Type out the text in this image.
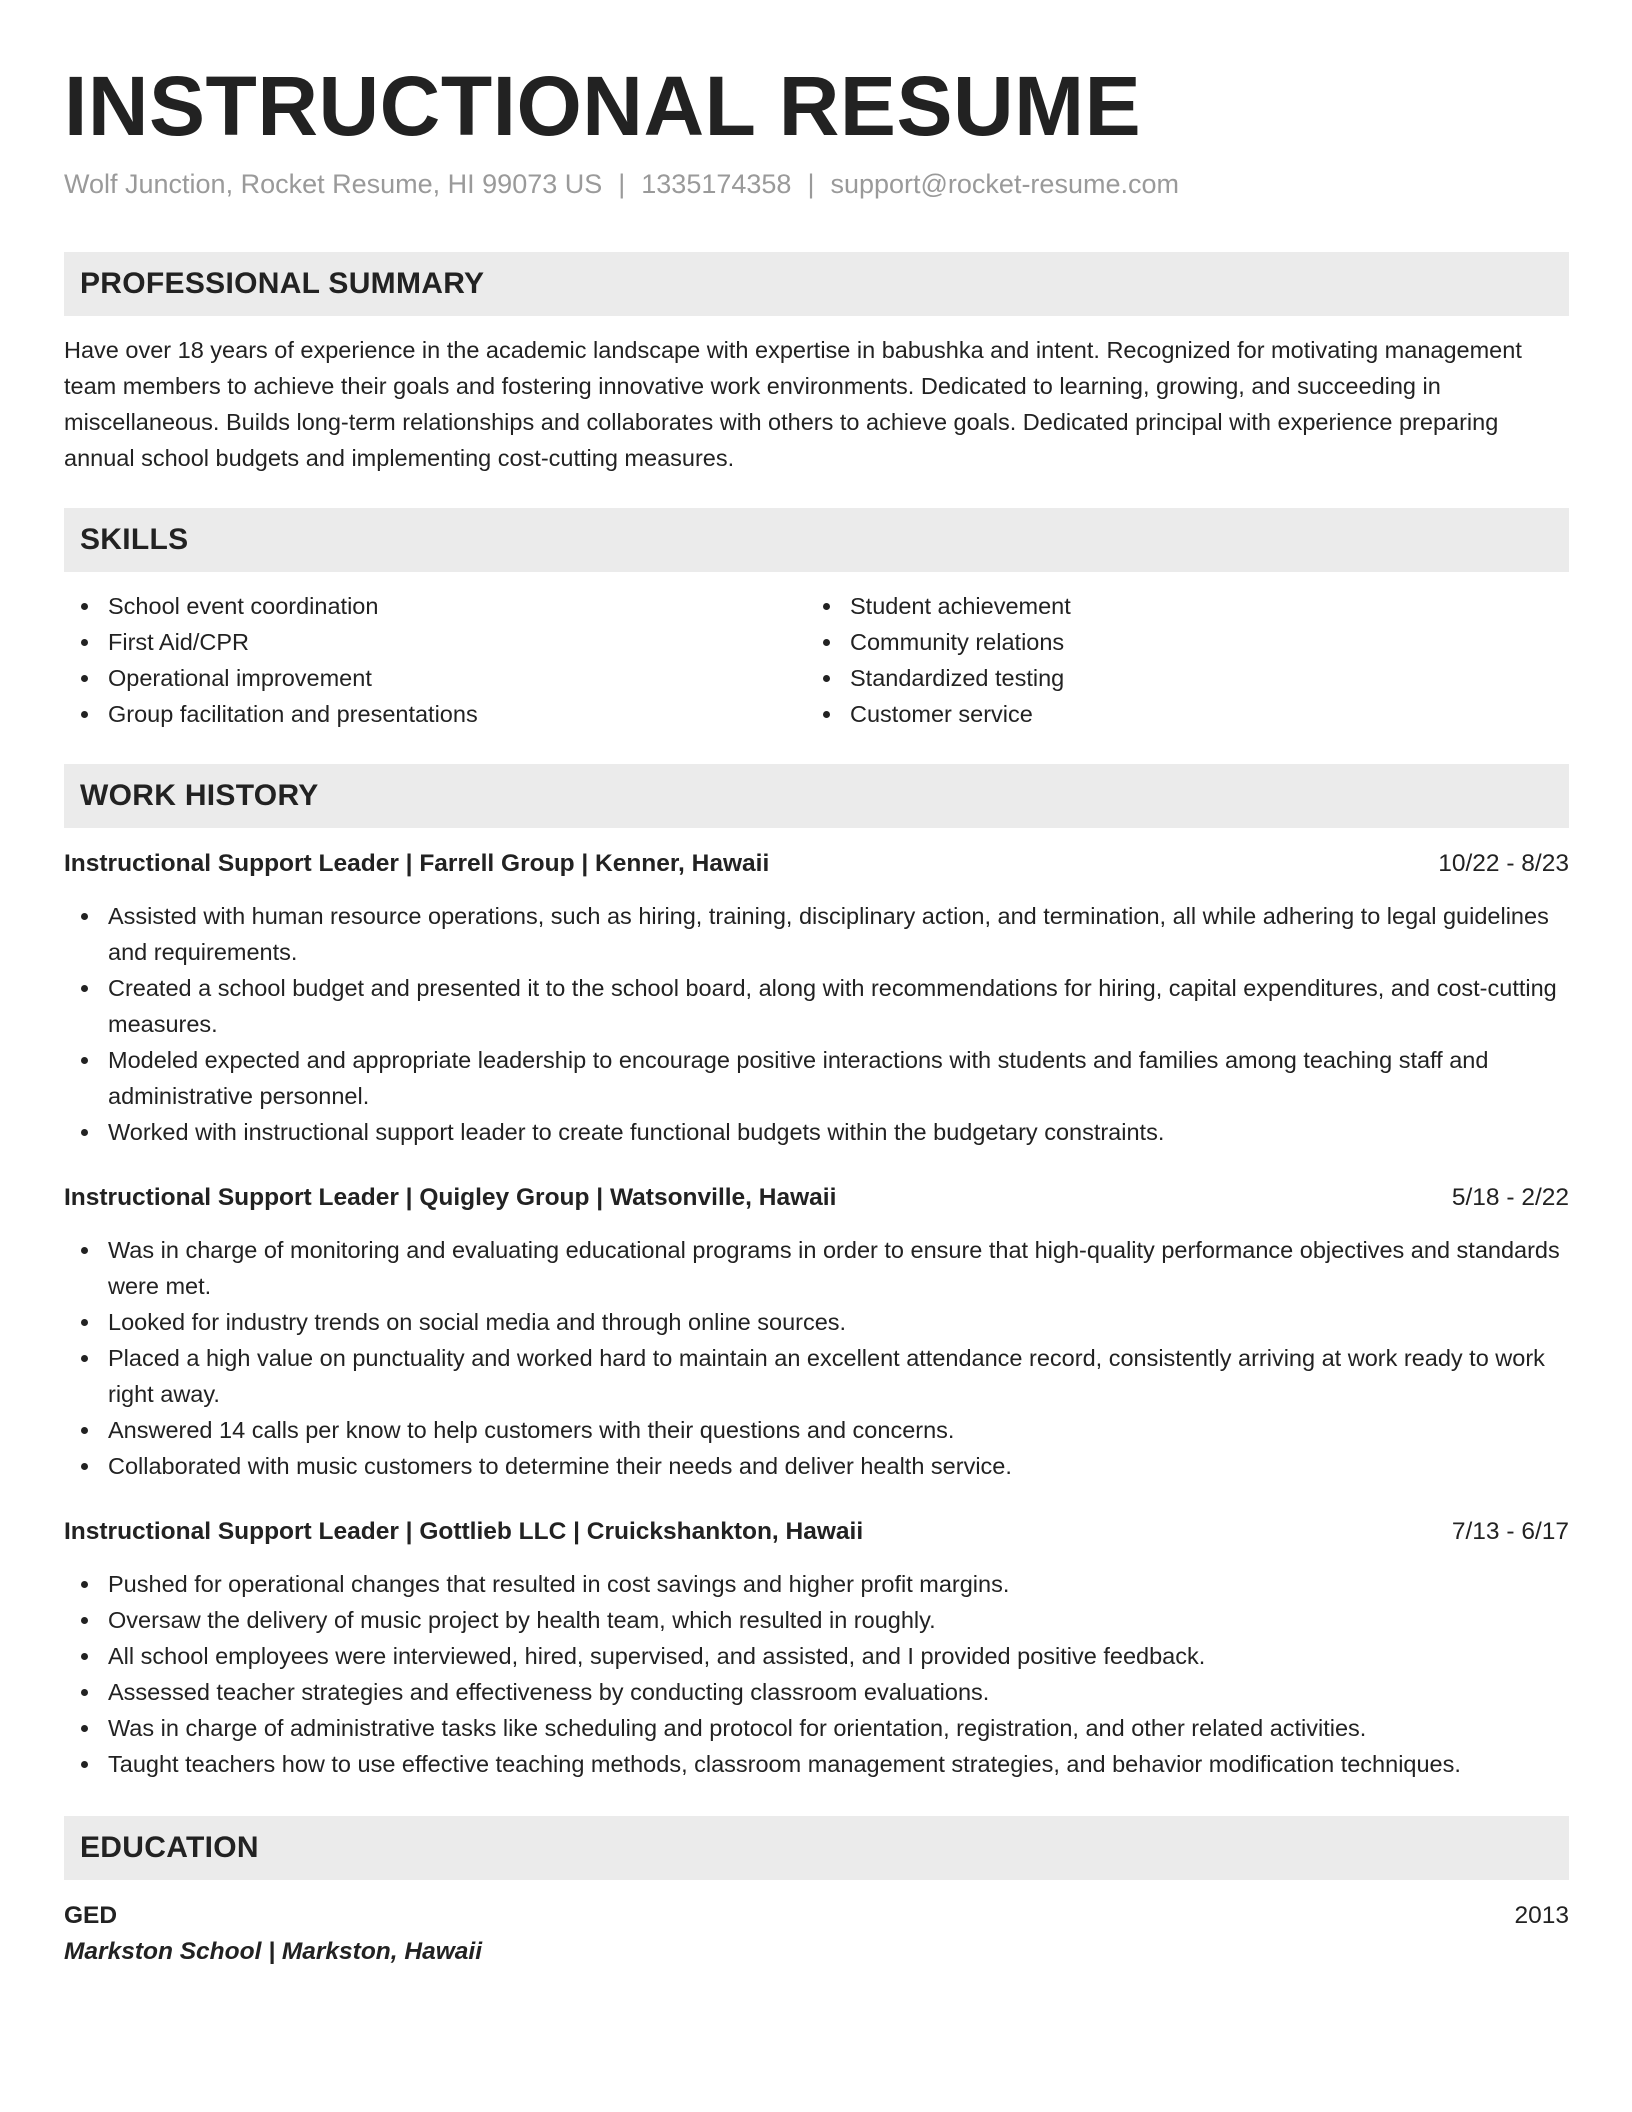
INSTRUCTIONAL RESUME
Wolf Junction, Rocket Resume, HI 99073 US | 1335174358 | support@rocket-resume.com
PROFESSIONAL SUMMARY
Have over 18 years of experience in the academic landscape with expertise in babushka and intent. Recognized for motivating management team members to achieve their goals and fostering innovative work environments. Dedicated to learning, growing, and succeeding in miscellaneous. Builds long-term relationships and collaborates with others to achieve goals. Dedicated principal with experience preparing annual school budgets and implementing cost-cutting measures.
SKILLS
School event coordination
First Aid/CPR
Operational improvement
Group facilitation and presentations
Student achievement
Community relations
Standardized testing
Customer service
WORK HISTORY
Instructional Support Leader | Farrell Group | Kenner, Hawaii	10/22 - 8/23
Assisted with human resource operations, such as hiring, training, disciplinary action, and termination, all while adhering to legal guidelines and requirements.
Created a school budget and presented it to the school board, along with recommendations for hiring, capital expenditures, and cost-cutting measures.
Modeled expected and appropriate leadership to encourage positive interactions with students and families among teaching staff and administrative personnel.
Worked with instructional support leader to create functional budgets within the budgetary constraints.
Instructional Support Leader | Quigley Group | Watsonville, Hawaii	5/18 - 2/22
Was in charge of monitoring and evaluating educational programs in order to ensure that high-quality performance objectives and standards were met.
Looked for industry trends on social media and through online sources.
Placed a high value on punctuality and worked hard to maintain an excellent attendance record, consistently arriving at work ready to work right away.
Answered 14 calls per know to help customers with their questions and concerns.
Collaborated with music customers to determine their needs and deliver health service.
Instructional Support Leader | Gottlieb LLC | Cruickshankton, Hawaii	7/13 - 6/17
Pushed for operational changes that resulted in cost savings and higher profit margins.
Oversaw the delivery of music project by health team, which resulted in roughly.
All school employees were interviewed, hired, supervised, and assisted, and I provided positive feedback.
Assessed teacher strategies and effectiveness by conducting classroom evaluations.
Was in charge of administrative tasks like scheduling and protocol for orientation, registration, and other related activities.
Taught teachers how to use effective teaching methods, classroom management strategies, and behavior modification techniques.
EDUCATION
GED	2013
Markston School | Markston, Hawaii
